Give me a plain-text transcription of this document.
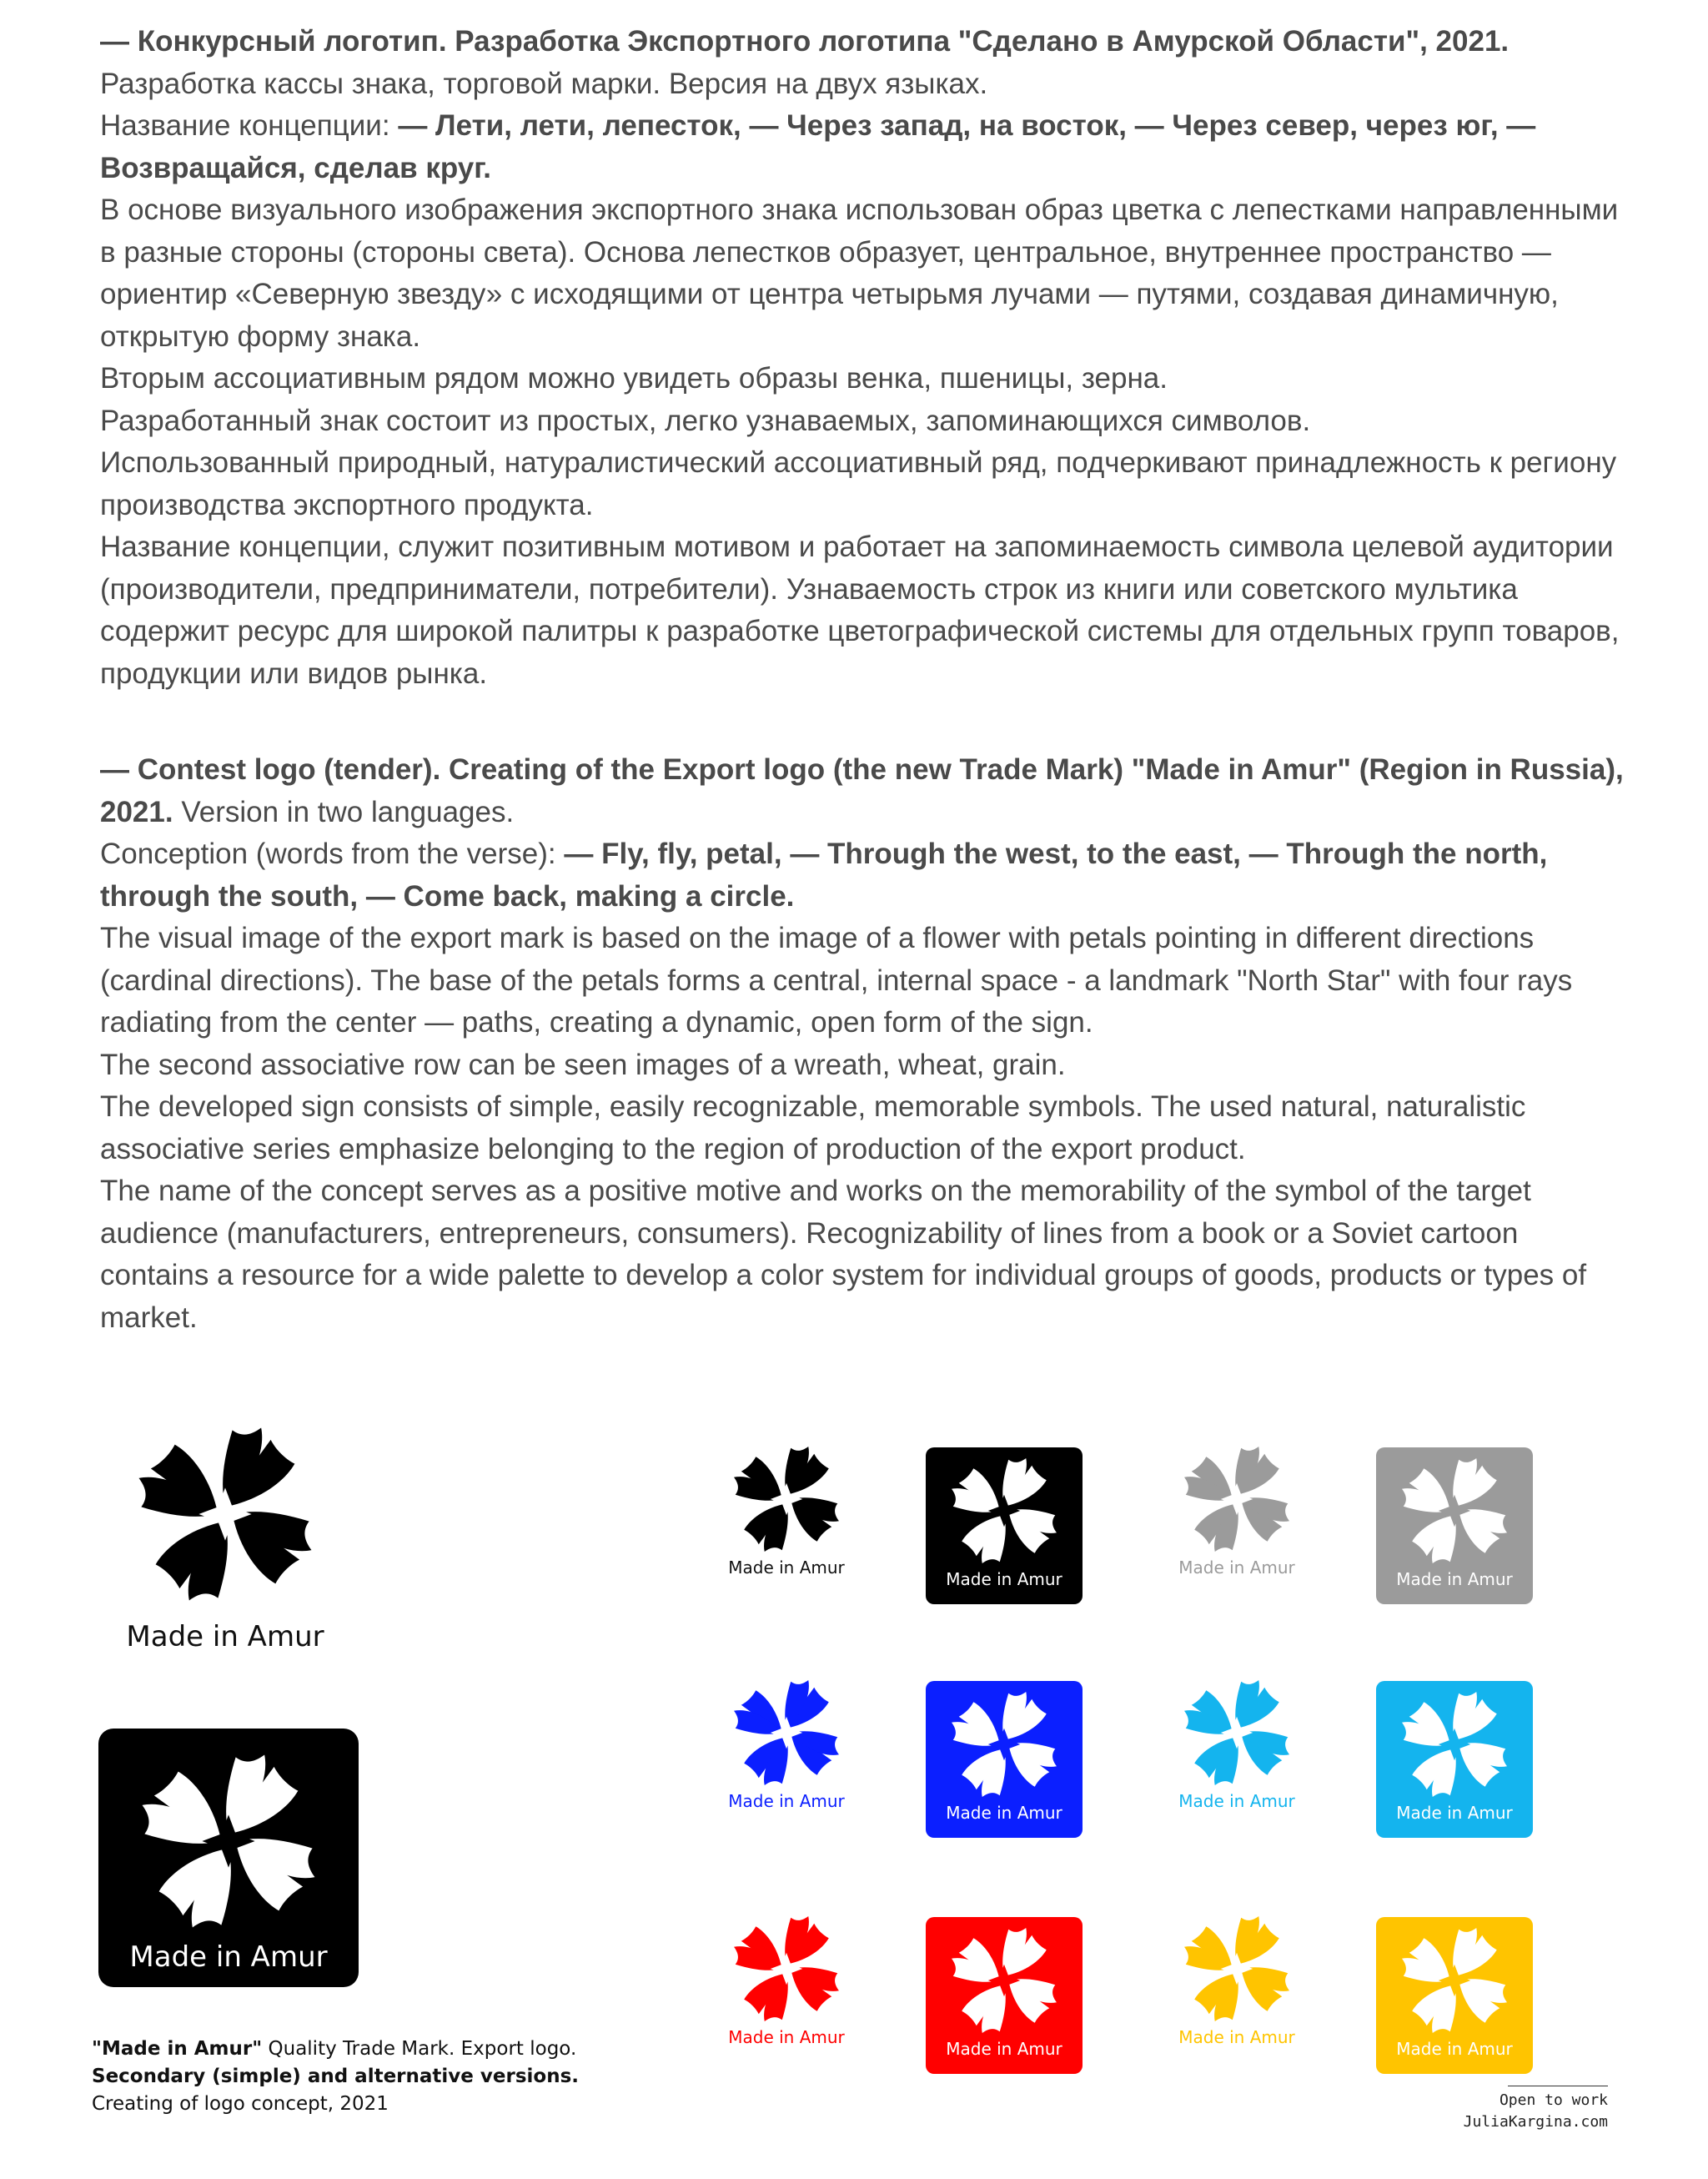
— Конкурсный логотип. Разработка Экспортного логотипа "Сделано в Амурской Области", 2021.

Разработка кассы знака, торговой марки. Версия на двух языках.

Название концепции: — Лети, лети, лепесток, — Через запад, на восток, — Через север, через юг, — Возвращайся, сделав круг.

В основе визуального изображения экспортного знака использован образ цветка с лепестками направленными в разные стороны (стороны света). Основа лепестков образует, центральное, внутреннее пространство — ориентир «Северную звезду» с исходящими от центра четырьмя лучами — путями, создавая динамичную, открытую форму знака.

Вторым ассоциативным рядом можно увидеть образы венка, пшеницы, зерна.

Разработанный знак состоит из простых, легко узнаваемых, запоминающихся символов.

Использованный природный, натуралистический ассоциативный ряд, подчеркивают принадлежность к региону производства экспортного продукта.

Название концепции, служит позитивным мотивом и работает на запоминаемость символа целевой аудитории (производители, предприниматели, потребители). Узнаваемость строк из книги или советского мультика содержит ресурс для широкой палитры к разработке цветографической системы для отдельных групп товаров, продукции или видов рынка.

— Contest logo (tender). Creating of the Export logo (the new Trade Mark) "Made in Amur" (Region in Russia), 2021. Version in two languages.

Conception (words from the verse): — Fly, fly, petal, — Through the west, to the east, — Through the north, through the south, — Come back, making a circle.

The visual image of the export mark is based on the image of a flower with petals pointing in different directions (cardinal directions). The base of the petals forms a central, internal space - a landmark "North Star" with four rays radiating from the center — paths, creating a dynamic, open form of the sign.

The second associative row can be seen images of a wreath, wheat, grain.

The developed sign consists of simple, easily recognizable, memorable symbols. The used natural, naturalistic associative series emphasize belonging to the region of production of the export product.

The name of the concept serves as a positive motive and works on the memorability of the symbol of the target audience (manufacturers, entrepreneurs, consumers). Recognizability of lines from a book or a Soviet cartoon contains a resource for a wide palette to develop a color system for individual groups of goods, products or types of market.

Made in Amur
Made in Amur
Made in Amur
Made in Amur
Made in Amur
Made in Amur
Made in Amur
Made in Amur
Made in Amur
Made in Amur
Made in Amur
Made in Amur
Made in Amur
Made in Amur

"Made in Amur" Quality Trade Mark. Export logo.

Secondary (simple) and alternative versions.

Creating of logo concept, 2021	Open to work
JuliaKargina.com
